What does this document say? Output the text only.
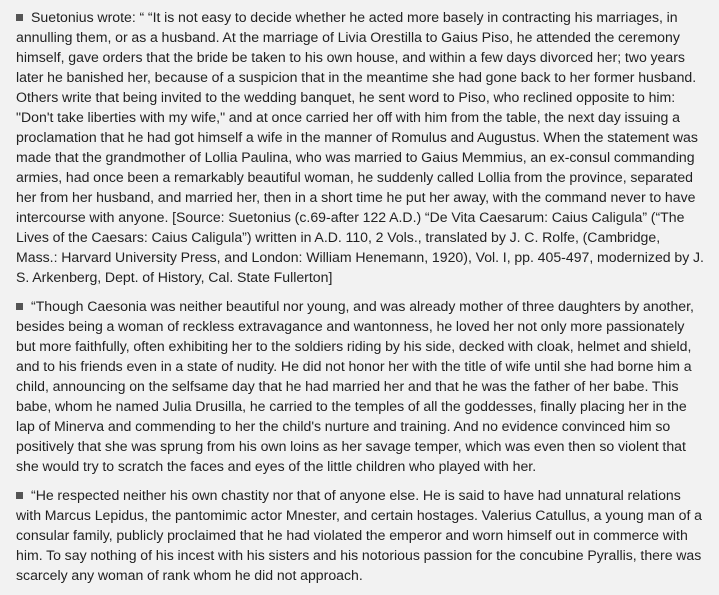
Suetonius wrote: “ “It is not easy to decide whether he acted more basely in contracting his marriages, in annulling them, or as a husband. At the marriage of Livia Orestilla to Gaius Piso, he attended the ceremony himself, gave orders that the bride be taken to his own house, and within a few days divorced her; two years later he banished her, because of a suspicion that in the meantime she had gone back to her former husband. Others write that being invited to the wedding banquet, he sent word to Piso, who reclined opposite to him: "Don't take liberties with my wife," and at once carried her off with him from the table, the next day issuing a proclamation that he had got himself a wife in the manner of Romulus and Augustus. When the statement was made that the grandmother of Lollia Paulina, who was married to Gaius Memmius, an ex-consul commanding armies, had once been a remarkably beautiful woman, he suddenly called Lollia from the province, separated her from her husband, and married her, then in a short time he put her away, with the command never to have intercourse with anyone. [Source: Suetonius (c.69-after 122 A.D.) “De Vita Caesarum: Caius Caligula” (“The Lives of the Caesars: Caius Caligula”) written in A.D. 110, 2 Vols., translated by J. C. Rolfe, (Cambridge, Mass.: Harvard University Press, and London: William Henemann, 1920), Vol. I, pp. 405-497, modernized by J. S. Arkenberg, Dept. of History, Cal. State Fullerton]

“Though Caesonia was neither beautiful nor young, and was already mother of three daughters by another, besides being a woman of reckless extravagance and wantonness, he loved her not only more passionately but more faithfully, often exhibiting her to the soldiers riding by his side, decked with cloak, helmet and shield, and to his friends even in a state of nudity. He did not honor her with the title of wife until she had borne him a child, announcing on the selfsame day that he had married her and that he was the father of her babe. This babe, whom he named Julia Drusilla, he carried to the temples of all the goddesses, finally placing her in the lap of Minerva and commending to her the child's nurture and training. And no evidence convinced him so positively that she was sprung from his own loins as her savage temper, which was even then so violent that she would try to scratch the faces and eyes of the little children who played with her.

“He respected neither his own chastity nor that of anyone else. He is said to have had unnatural relations with Marcus Lepidus, the pantomimic actor Mnester, and certain hostages. Valerius Catullus, a young man of a consular family, publicly proclaimed that he had violated the emperor and worn himself out in commerce with him. To say nothing of his incest with his sisters and his notorious passion for the concubine Pyrallis, there was scarcely any woman of rank whom he did not approach.
